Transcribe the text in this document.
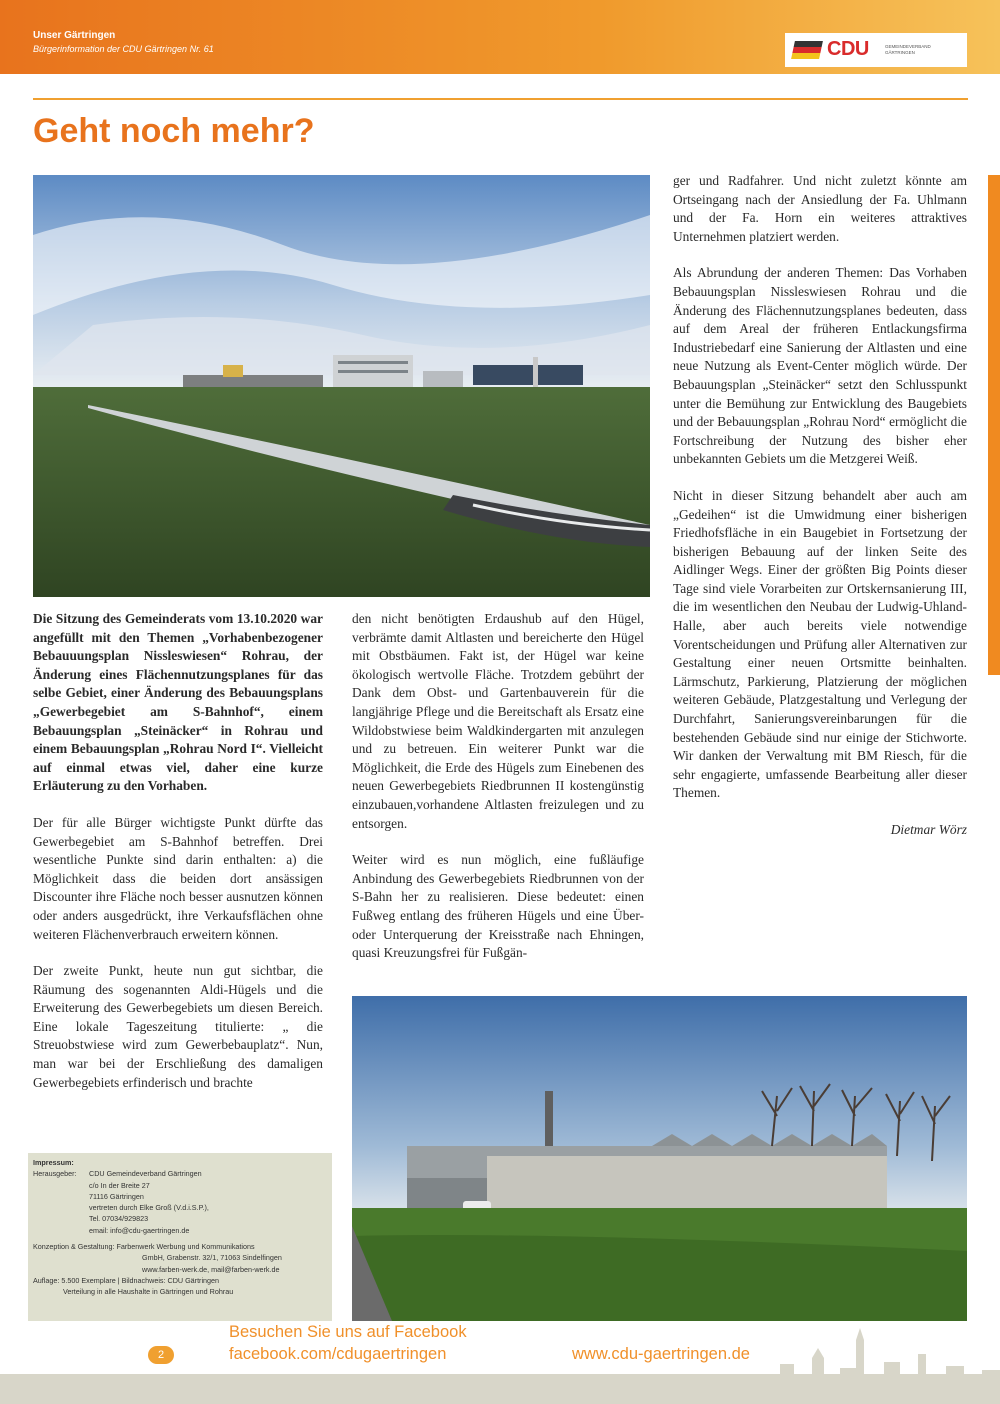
Unser Gärtringen
Bürgerinformation der CDU Gärtringen Nr. 61	CDU	GEMEINDEVERBAND
GÄRTRINGEN
Geht noch mehr?

Die Sitzung des Gemeinderats vom 13.10.2020 war angefüllt mit den Themen „Vorhabenbezogener Bebauuungsplan Nissleswiesen“ Rohrau, der Änderung eines Flächennutzungsplanes für das selbe Gebiet, einer Änderung des Bebauungsplans „Gewerbegebiet am S-Bahnhof“, einem Bebauungsplan „Steinäcker“ in Rohrau und einem Bebauungsplan „Rohrau Nord I“. Vielleicht auf einmal etwas viel, daher eine kurze Erläuterung zu den Vorhaben.

Der für alle Bürger wichtigste Punkt dürfte das Gewerbegebiet am S-Bahnhof betreffen. Drei wesentliche Punkte sind darin enthalten: a) die Möglichkeit dass die beiden dort ansässigen Discounter ihre Fläche noch besser ausnutzen können oder anders ausgedrückt, ihre Verkaufsflächen ohne weiteren Flächenverbrauch erweitern können.

Der zweite Punkt, heute nun gut sichtbar, die Räumung des sogenannten Aldi-Hügels und die Erweiterung des Gewerbegebiets um diesen Bereich. Eine lokale Tageszeitung titulierte: „ die Streuobstwiese wird zum Gewerbebauplatz“. Nun, man war bei der Erschließung des damaligen Gewerbegebiets erfinderisch und brachte

den nicht benötigten Erdaushub auf den Hügel, verbrämte damit Altlasten und bereicherte den Hügel mit Obstbäumen. Fakt ist, der Hügel war keine ökologisch wertvolle Fläche. Trotzdem gebührt der Dank dem Obst- und Gartenbauverein für die langjährige Pflege und die Bereitschaft als Ersatz eine Wildobstwiese beim Waldkindergarten mit anzulegen und zu betreuen. Ein weiterer Punkt war die Möglichkeit, die Erde des Hügels zum Einebenen des neuen Gewerbegebiets Riedbrunnen II kostengünstig einzubauen,vorhandene Altlasten freizulegen und zu entsorgen.

Weiter wird es nun möglich, eine fußläufige Anbindung des Gewerbegebiets Riedbrunnen von der S-Bahn her zu realisieren. Diese bedeutet: einen Fußweg entlang des früheren Hügels und eine Über- oder Unterquerung der Kreisstraße nach Ehningen, quasi Kreuzungsfrei für Fußgän-

ger und Radfahrer. Und nicht zuletzt könnte am Ortseingang nach der Ansiedlung der Fa. Uhlmann und der Fa. Horn ein weiteres attraktives Unternehmen platziert werden.

Als Abrundung der anderen Themen: Das Vorhaben Bebauungsplan Nissleswiesen Rohrau und die Änderung des Flächennutzungsplanes bedeuten, dass auf dem Areal der früheren Entlackungsfirma Industriebedarf eine Sanierung der Altlasten und eine neue Nutzung als Event-Center möglich würde. Der Bebauungsplan „Steinäcker“ setzt den Schlusspunkt unter die Bemühung zur Entwicklung des Baugebiets und der Bebauungsplan „Rohrau Nord“ ermöglicht die Fortschreibung der Nutzung des bisher eher unbekannten Gebiets um die Metzgerei Weiß.

Nicht in dieser Sitzung behandelt aber auch am „Gedeihen“ ist die Umwidmung einer bisherigen Friedhofsfläche in ein Baugebiet in Fortsetzung der bisherigen Bebauung auf der linken Seite des Aidlinger Wegs. Einer der größten Big Points dieser Tage sind viele Vorarbeiten zur Ortskernsanierung III, die im wesentlichen den Neubau der Ludwig-Uhland-Halle, aber auch bereits viele notwendige Vorentscheidungen und Prüfung aller Alternativen zur Gestaltung einer neuen Ortsmitte beinhalten. Lärmschutz, Parkierung, Platzierung der möglichen weiteren Gebäude, Platzgestaltung und Verlegung der Durchfahrt, Sanierungsvereinbarungen für die bestehenden Gebäude sind nur einige der Stichworte. Wir danken der Verwaltung mit BM Riesch, für die sehr engagierte, umfassende Bearbeitung aller dieser Themen.

Dietmar Wörz

Impressum:
Herausgeber:	CDU Gemeindeverband Gärtringen
c/o In der Breite 27
71116 Gärtringen
vertreten durch Elke Groß (V.d.i.S.P.),
Tel. 07034/929823
email: info@cdu-gaertringen.de
Konzeption & Gestaltung: Farbenwerk Werbung und Kommunikations
GmbH, Grabenstr. 32/1, 71063 Sindelfingen
www.farben-werk.de, mail@farben-werk.de
Auflage: 5.500 Exemplare | Bildnachweis: CDU Gärtringen
Verteilung in alle Haushalte in Gärtringen und Rohrau
2
Besuchen Sie uns auf Facebook
facebook.com/cdugaertringen	www.cdu-gaertringen.de
